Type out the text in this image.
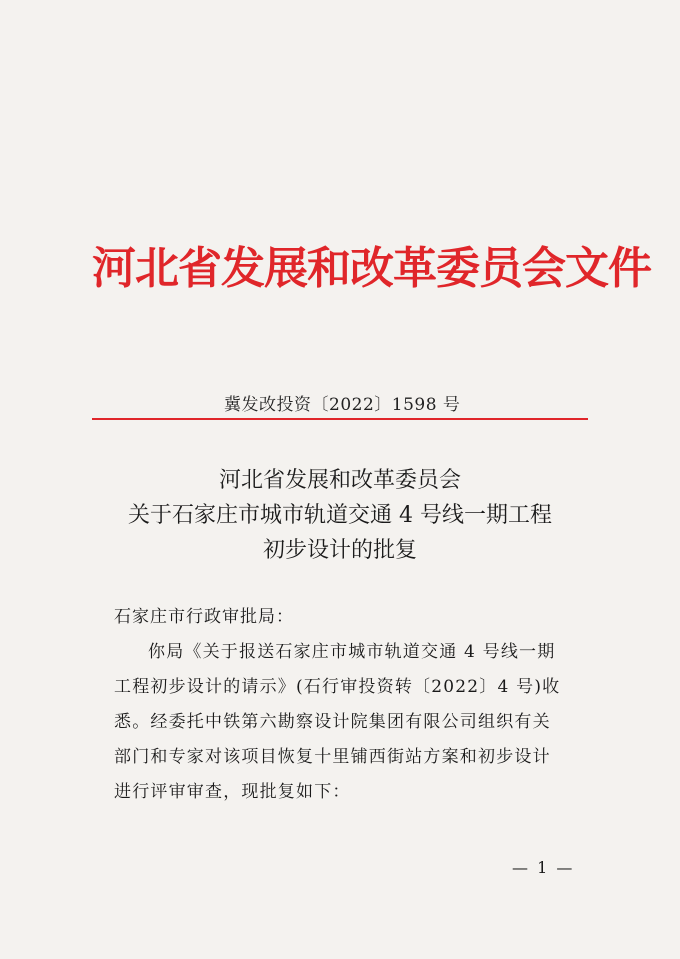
河北省发展和改革委员会文件
冀发改投资〔2022〕1598 号
河北省发展和改革委员会
关于石家庄市城市轨道交通 4 号线一期工程
初步设计的批复
石家庄市行政审批局：
你局《关于报送石家庄市城市轨道交通 4 号线一期
工程初步设计的请示》(石行审投资转〔2022〕4 号)收
悉。经委托中铁第六勘察设计院集团有限公司组织有关
部门和专家对该项目恢复十里铺西街站方案和初步设计
进行评审审查，现批复如下：
— 1 —
